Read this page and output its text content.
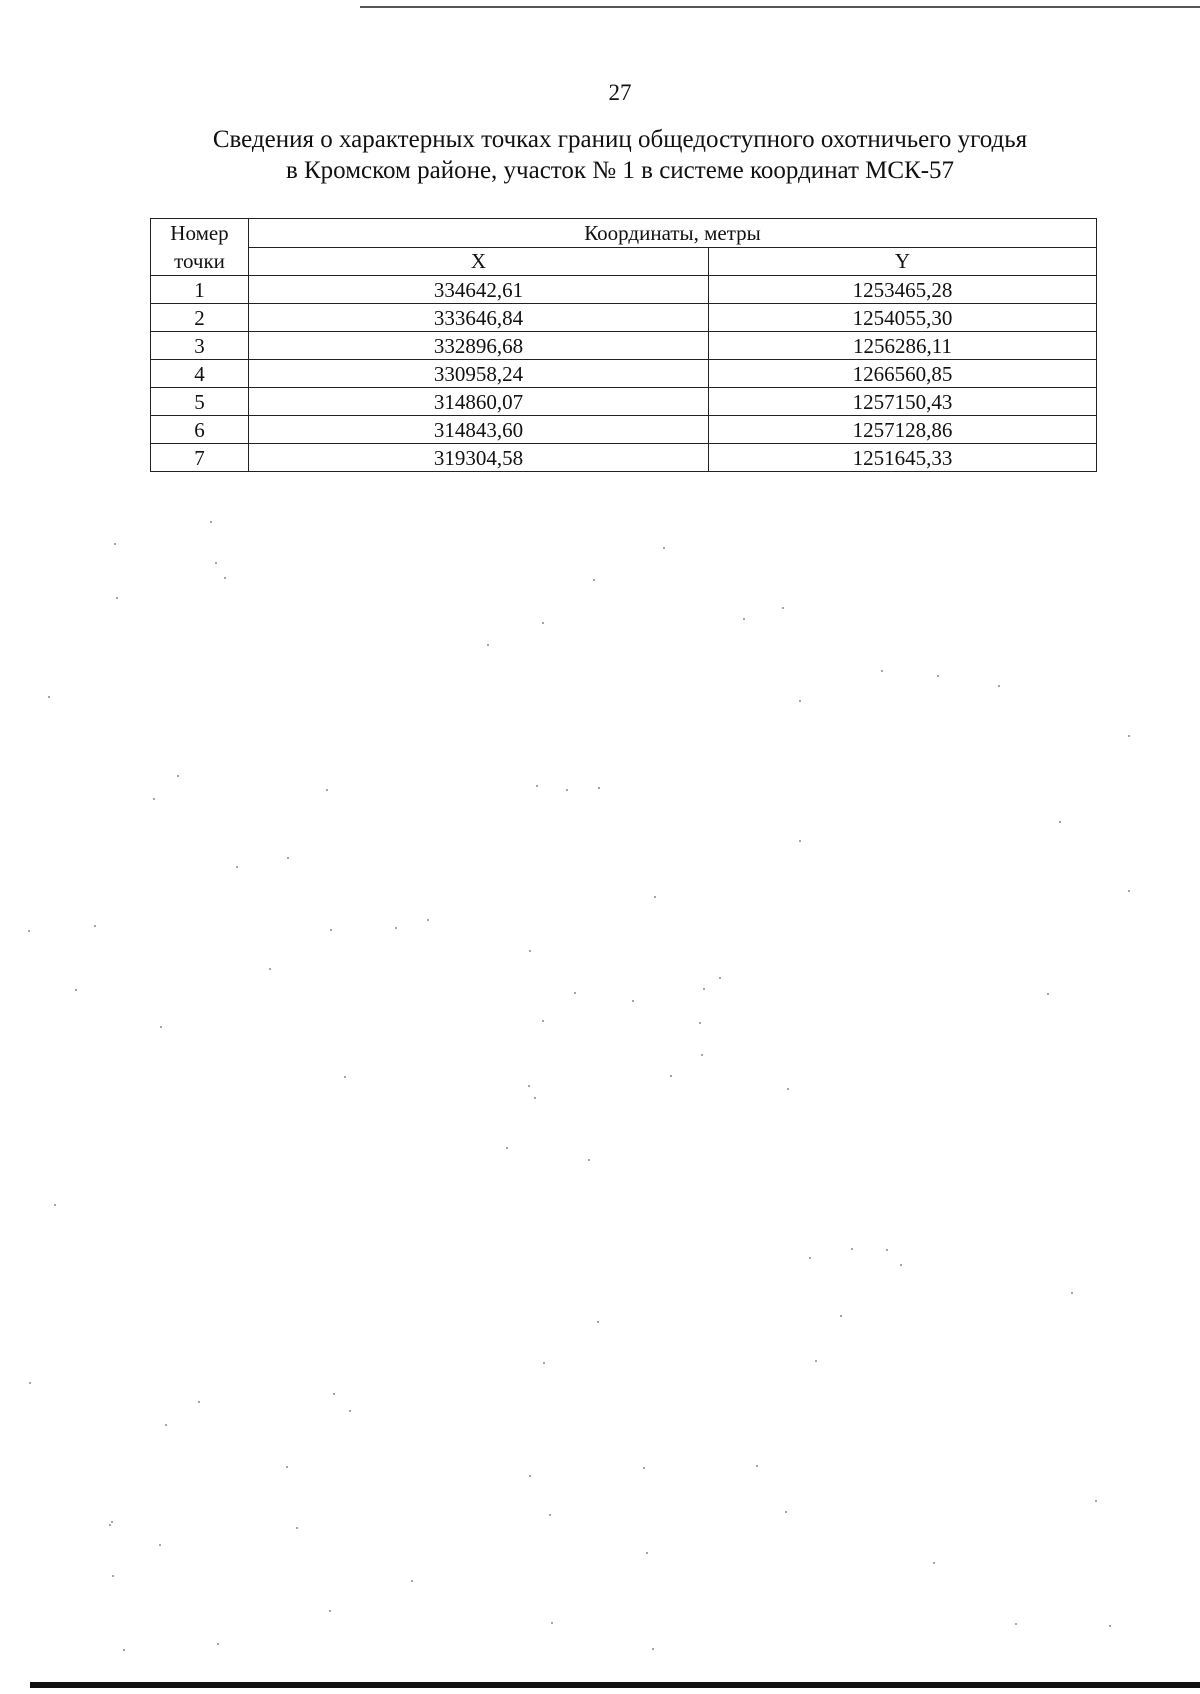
27
Сведения о характерных точках границ общедоступного охотничьего угодья
в Кромском районе, участок № 1 в системе координат МСК-57
Номер
точки	Координаты, метры	
	X	Y
1	334642,61	1253465,28
2	333646,84	1254055,30
3	332896,68	1256286,11
4	330958,24	1266560,85
5	314860,07	1257150,43
6	314843,60	1257128,86
7	319304,58	1251645,33
